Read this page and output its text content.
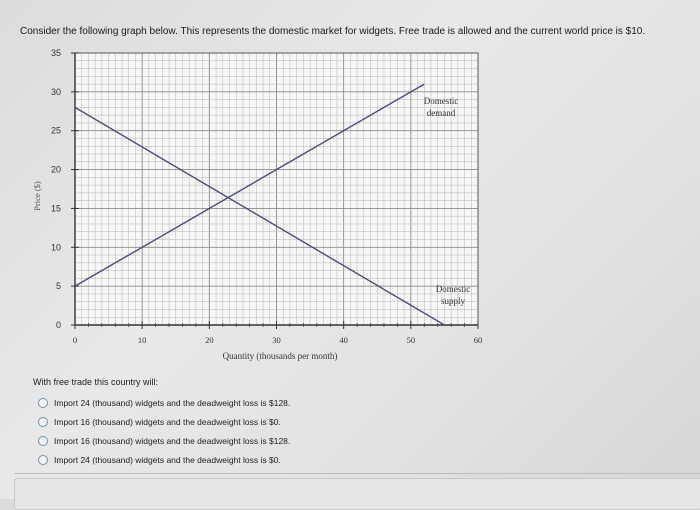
Consider the following graph below. This represents the domestic market for widgets. Free trade is allowed and the current world price is $10.
0
5
10
15
20
25
30
35
0	10	20	30	40	50	60
Quantity (thousands per month)
Price ($)
Domestic
demand
Domestic
supply
With free trade this country will:
Import 24 (thousand) widgets and the deadweight loss is $128.
Import 16 (thousand) widgets and the deadweight loss is $0.
Import 16 (thousand) widgets and the deadweight loss is $128.
Import 24 (thousand) widgets and the deadweight loss is $0.
